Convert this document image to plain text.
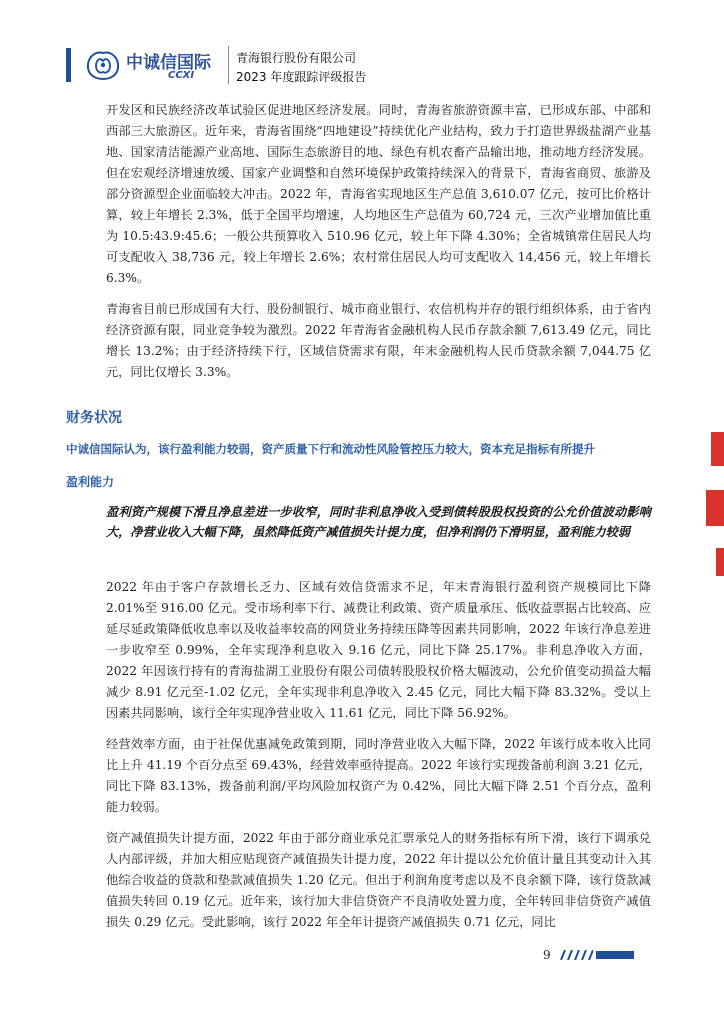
中诚信国际
CCXI
青海银行股份有限公司
2023 年度跟踪评级报告

开发区和民族经济改革试验区促进地区经济发展。同时，青海省旅游资源丰富，已形成东部、中部和西部三大旅游区。近年来，青海省围绕“四地建设”持续优化产业结构，致力于打造世界级盐湖产业基地、国家清洁能源产业高地、国际生态旅游目的地、绿色有机农畜产品输出地，推动地方经济发展。但在宏观经济增速放缓、国家产业调整和自然环境保护政策持续深入的背景下，青海省商贸、旅游及部分资源型企业面临较大冲击。2022 年，青海省实现地区生产总值 3,610.07 亿元，按可比价格计算，较上年增长 2.3%，低于全国平均增速，人均地区生产总值为 60,724 元，三次产业增加值比重为 10.5:43.9:45.6；一般公共预算收入 510.96 亿元，较上年下降 4.30%；全省城镇常住居民人均可支配收入 38,736 元，较上年增长 2.6%；农村常住居民人均可支配收入 14,456 元，较上年增长 6.3%。

青海省目前已形成国有大行、股份制银行、城市商业银行、农信机构并存的银行组织体系，由于省内经济资源有限，同业竞争较为激烈。2022 年青海省金融机构人民币存款余额 7,613.49 亿元，同比增长 13.2%；由于经济持续下行，区域信贷需求有限，年末金融机构人民币贷款余额 7,044.75 亿元，同比仅增长 3.3%。

财务状况
中诚信国际认为，该行盈利能力较弱，资产质量下行和流动性风险管控压力较大，资本充足指标有所提升
盈利能力

盈利资产规模下滑且净息差进一步收窄，同时非利息净收入受到债转股股权投资的公允价值波动影响大，净营业收入大幅下降，虽然降低资产减值损失计提力度，但净利润仍下滑明显，盈利能力较弱

2022 年由于客户存款增长乏力、区域有效信贷需求不足，年末青海银行盈利资产规模同比下降 2.01%至 916.00 亿元。受市场利率下行、减费让利政策、资产质量承压、低收益票据占比较高、应延尽延政策降低收息率以及收益率较高的网贷业务持续压降等因素共同影响，2022 年该行净息差进一步收窄至 0.99%，全年实现净利息收入 9.16 亿元，同比下降 25.17%。非利息净收入方面，2022 年因该行持有的青海盐湖工业股份有限公司债转股股权价格大幅波动，公允价值变动损益大幅减少 8.91 亿元至-1.02 亿元，全年实现非利息净收入 2.45 亿元，同比大幅下降 83.32%。受以上因素共同影响，该行全年实现净营业收入 11.61 亿元，同比下降 56.92%。

经营效率方面，由于社保优惠减免政策到期，同时净营业收入大幅下降，2022 年该行成本收入比同比上升 41.19 个百分点至 69.43%，经营效率亟待提高。2022 年该行实现拨备前利润 3.21 亿元，同比下降 83.13%，拨备前利润/平均风险加权资产为 0.42%，同比大幅下降 2.51 个百分点，盈利能力较弱。

资产减值损失计提方面，2022 年由于部分商业承兑汇票承兑人的财务指标有所下滑，该行下调承兑人内部评级，并加大相应贴现资产减值损失计提力度，2022 年计提以公允价值计量且其变动计入其他综合收益的贷款和垫款减值损失 1.20 亿元。但出于利润角度考虑以及不良余额下降，该行贷款减值损失转回 0.19 亿元。近年来，该行加大非信贷资产不良清收处置力度，全年转回非信贷资产减值损失 0.29 亿元。受此影响，该行 2022 年全年计提资产减值损失 0.71 亿元，同比

9
